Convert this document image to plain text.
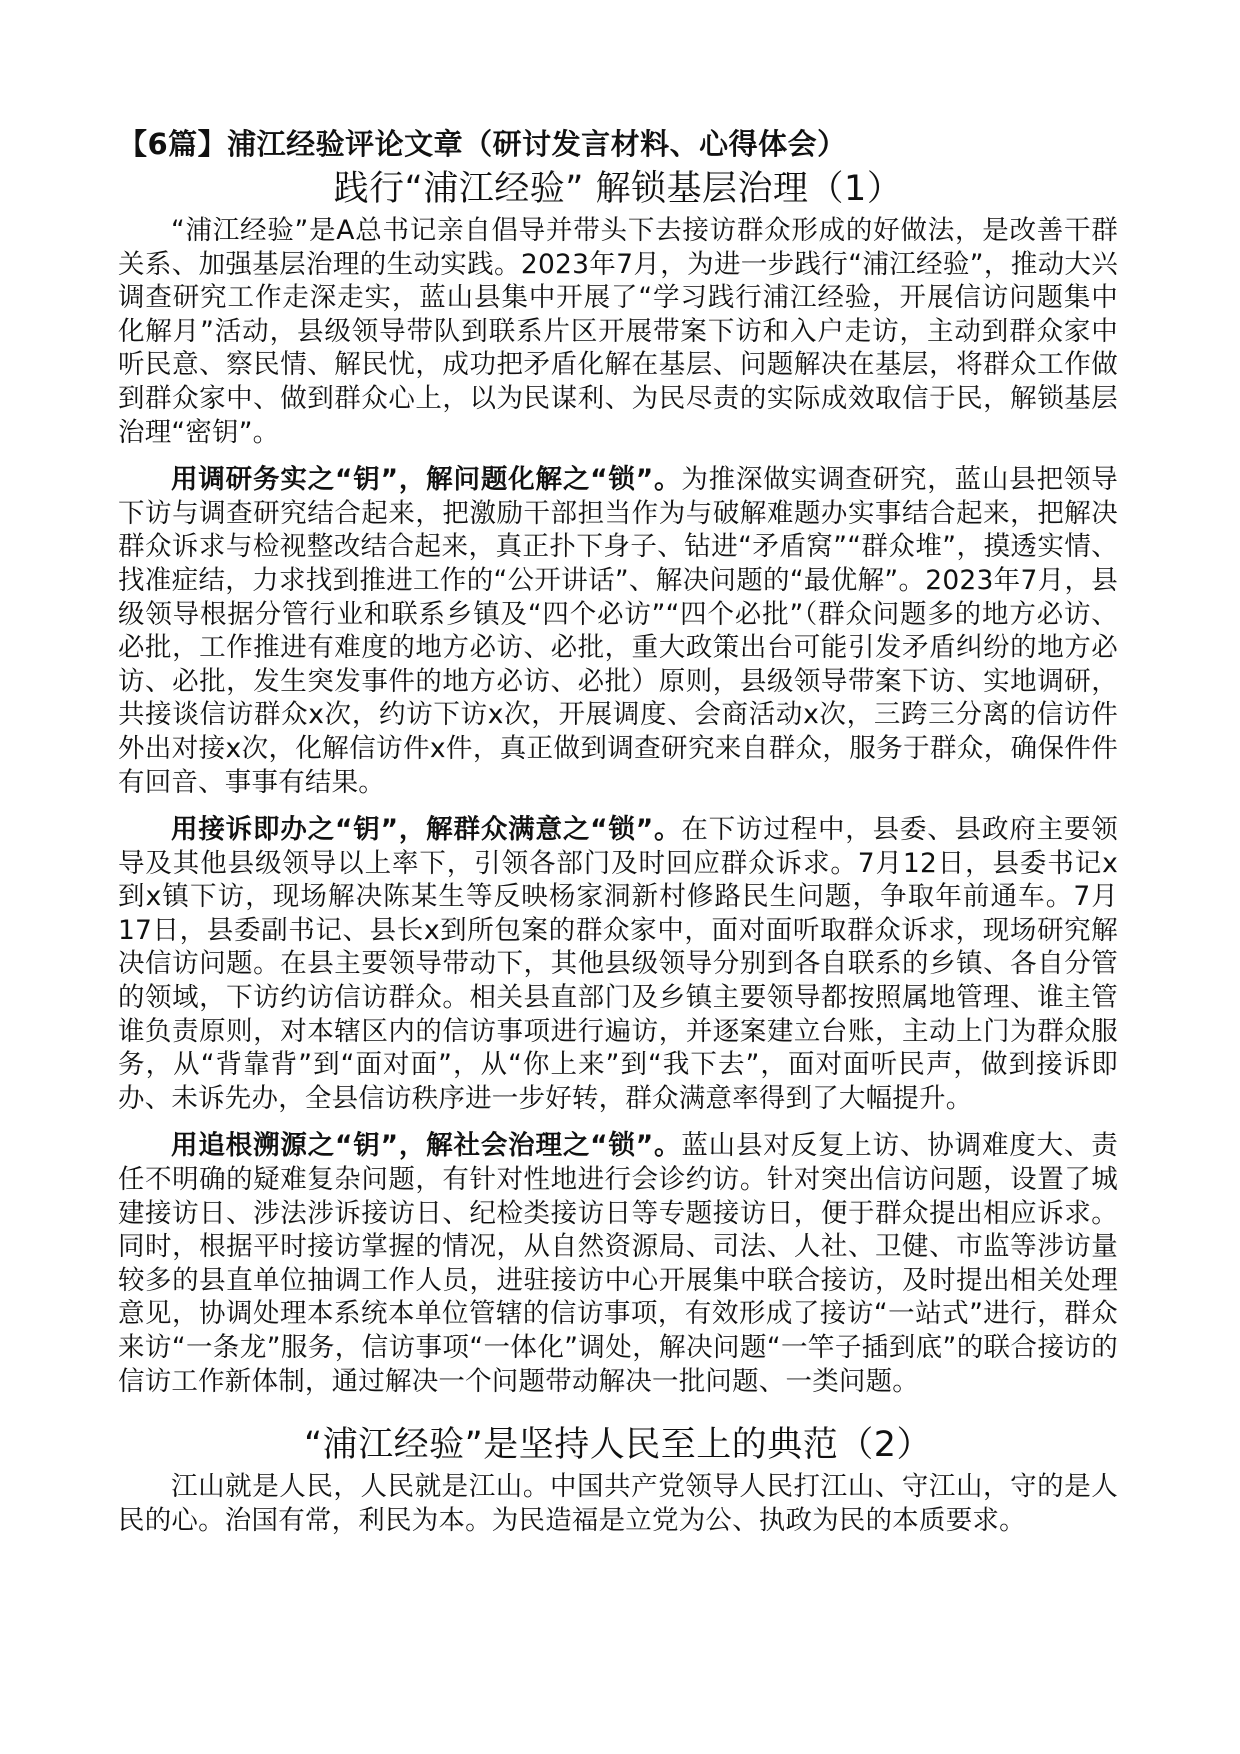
【6篇】浦江经验评论文章（研讨发言材料、心得体会）
践行“浦江经验” 解锁基层治理（1）

“浦江经验”是A总书记亲自倡导并带头下去接访群众形成的好做法，是改善干群关系、加强基层治理的生动实践。2023年7月，为进一步践行“浦江经验”，推动大兴调查研究工作走深走实，蓝山县集中开展了“学习践行浦江经验，开展信访问题集中化解月”活动，县级领导带队到联系片区开展带案下访和入户走访，主动到群众家中听民意、察民情、解民忧，成功把矛盾化解在基层、问题解决在基层，将群众工作做到群众家中、做到群众心上，以为民谋利、为民尽责的实际成效取信于民，解锁基层治理“密钥”。

用调研务实之“钥”，解问题化解之“锁”。为推深做实调查研究，蓝山县把领导下访与调查研究结合起来，把激励干部担当作为与破解难题办实事结合起来，把解决群众诉求与检视整改结合起来，真正扑下身子、钻进“矛盾窝”“群众堆”，摸透实情、找准症结，力求找到推进工作的“公开讲话”、解决问题的“最优解”。2023年7月，县级领导根据分管行业和联系乡镇及“四个必访”“四个必批”（群众问题多的地方必访、必批，工作推进有难度的地方必访、必批，重大政策出台可能引发矛盾纠纷的地方必访、必批，发生突发事件的地方必访、必批）原则，县级领导带案下访、实地调研，共接谈信访群众x次，约访下访x次，开展调度、会商活动x次，三跨三分离的信访件外出对接x次，化解信访件x件，真正做到调查研究来自群众，服务于群众，确保件件有回音、事事有结果。

用接诉即办之“钥”，解群众满意之“锁”。在下访过程中，县委、县政府主要领导及其他县级领导以上率下，引领各部门及时回应群众诉求。7月12日，县委书记x到x镇下访，现场解决陈某生等反映杨家洞新村修路民生问题，争取年前通车。7月17日，县委副书记、县长x到所包案的群众家中，面对面听取群众诉求，现场研究解决信访问题。在县主要领导带动下，其他县级领导分别到各自联系的乡镇、各自分管的领域，下访约访信访群众。相关县直部门及乡镇主要领导都按照属地管理、谁主管谁负责原则，对本辖区内的信访事项进行遍访，并逐案建立台账，主动上门为群众服务，从“背靠背”到“面对面”，从“你上来”到“我下去”，面对面听民声，做到接诉即办、未诉先办，全县信访秩序进一步好转，群众满意率得到了大幅提升。

用追根溯源之“钥”，解社会治理之“锁”。蓝山县对反复上访、协调难度大、责任不明确的疑难复杂问题，有针对性地进行会诊约访。针对突出信访问题，设置了城建接访日、涉法涉诉接访日、纪检类接访日等专题接访日，便于群众提出相应诉求。同时，根据平时接访掌握的情况，从自然资源局、司法、人社、卫健、市监等涉访量较多的县直单位抽调工作人员，进驻接访中心开展集中联合接访，及时提出相关处理意见，协调处理本系统本单位管辖的信访事项，有效形成了接访“一站式”进行，群众来访“一条龙”服务，信访事项“一体化”调处，解决问题“一竿子插到底”的联合接访的信访工作新体制，通过解决一个问题带动解决一批问题、一类问题。

“浦江经验”是坚持人民至上的典范（2）

江山就是人民，人民就是江山。中国共产党领导人民打江山、守江山，守的是人民的心。治国有常，利民为本。为民造福是立党为公、执政为民的本质要求。
